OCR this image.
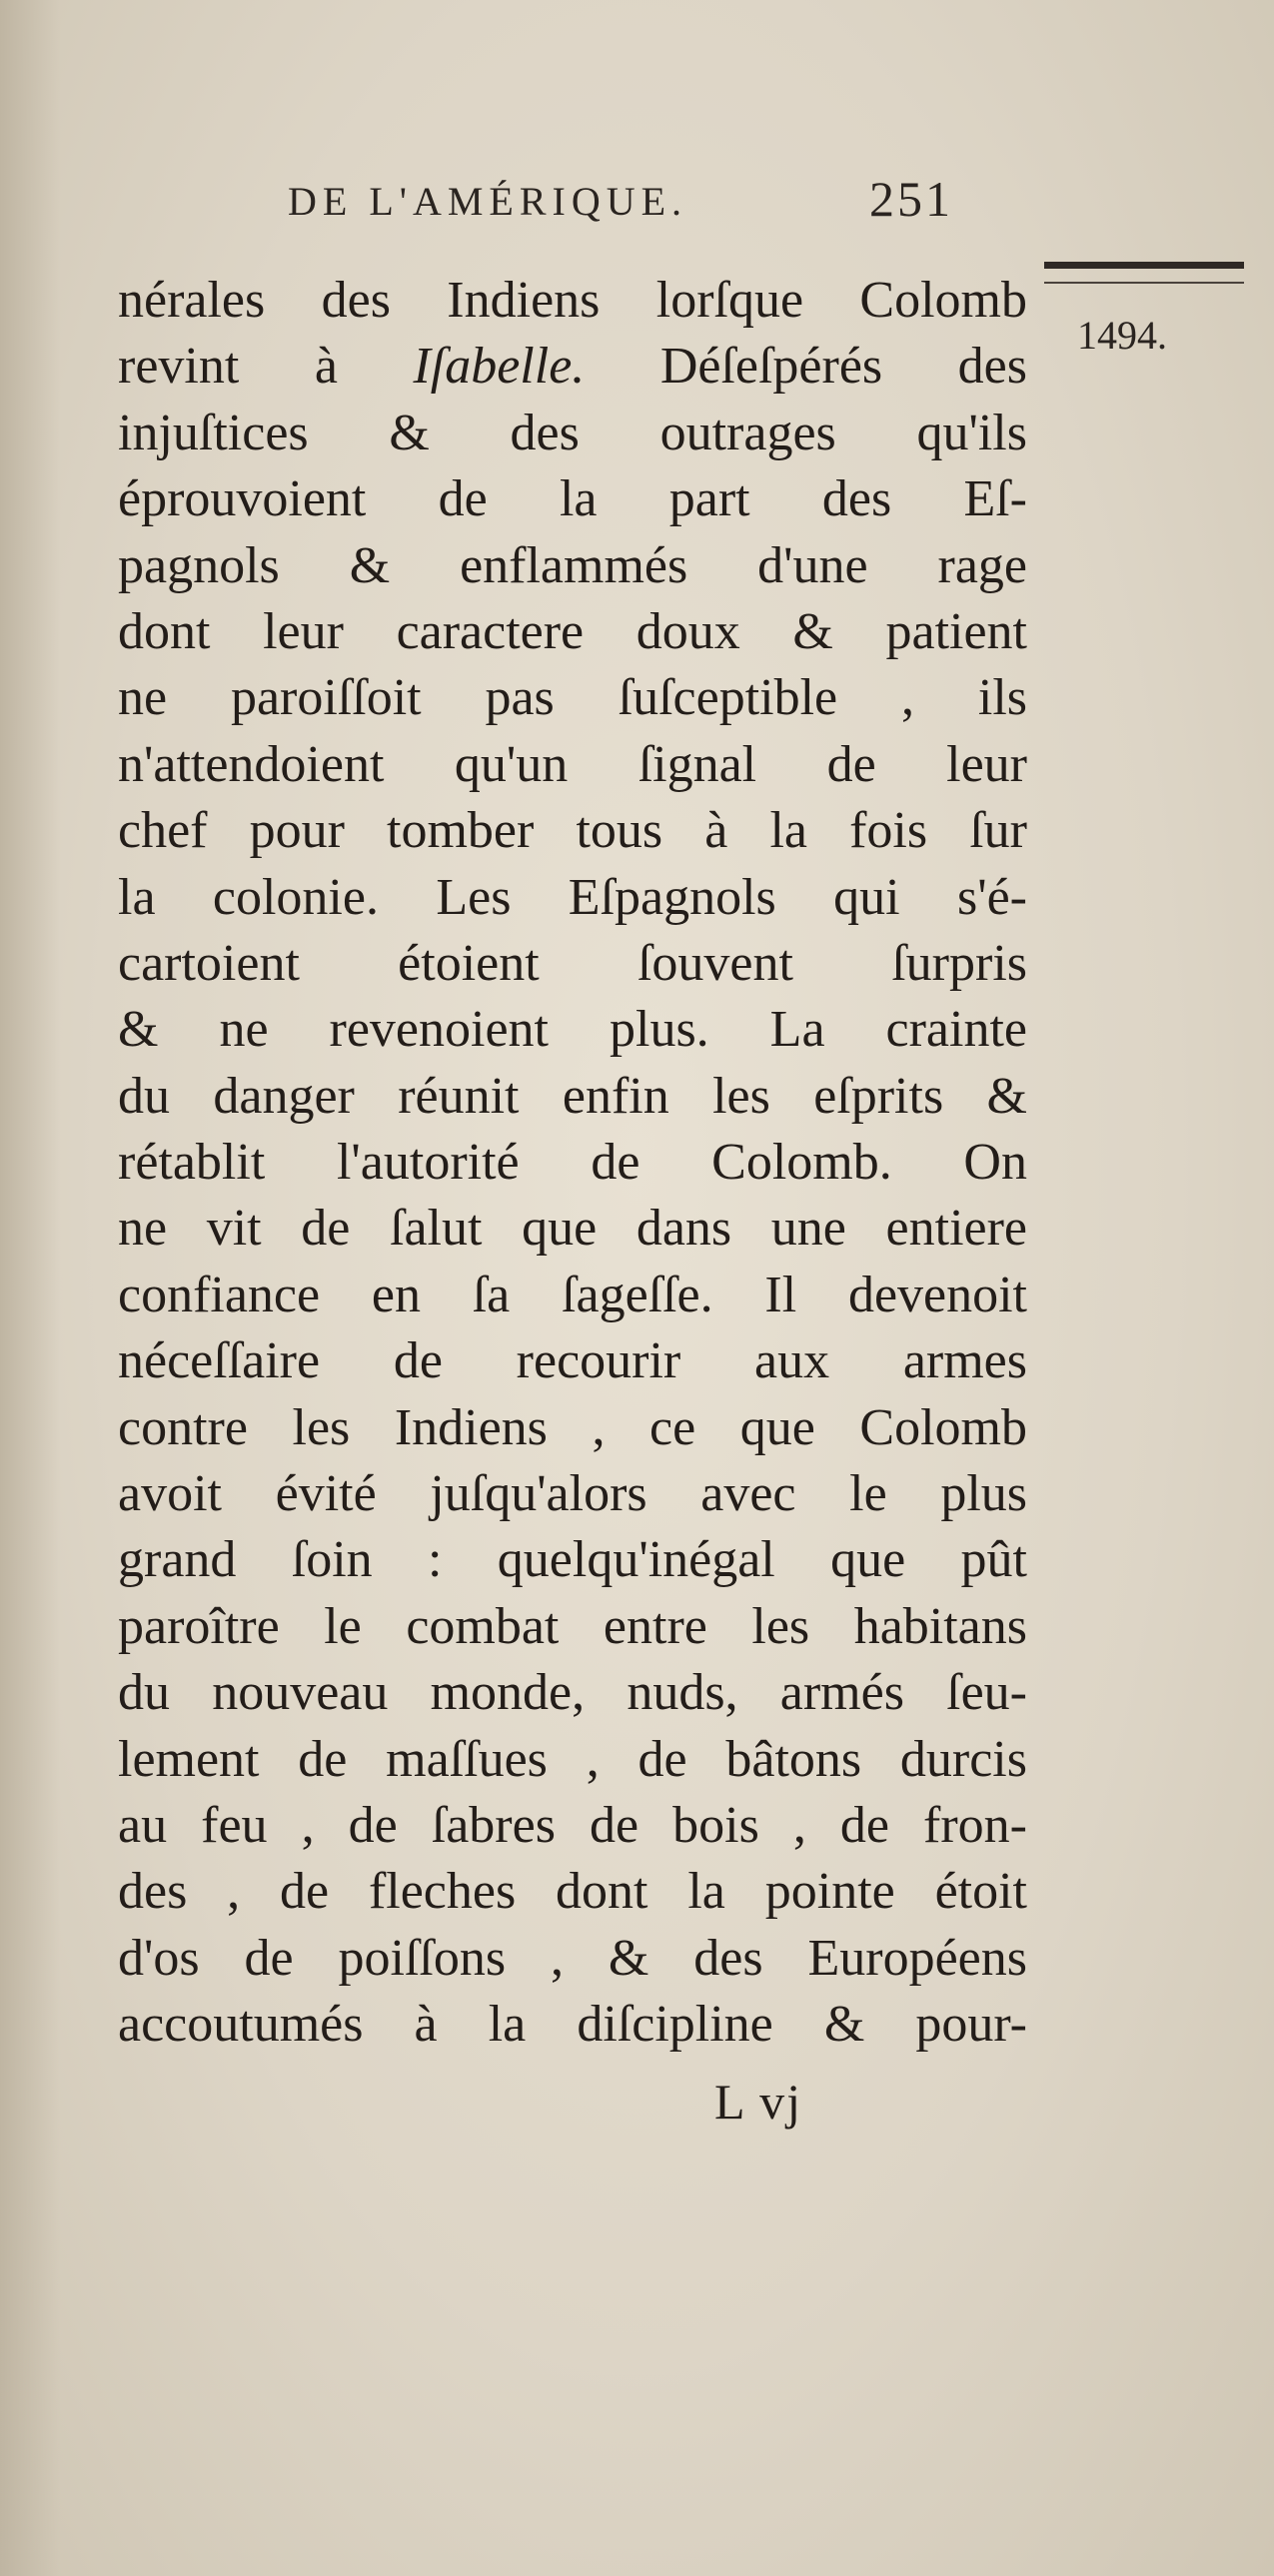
DE L'AMÉRIQUE.	251
1494.
nérales des Indiens lorſque Colomb
revint à Iſabelle. Déſeſpérés des
injuſtices & des outrages qu'ils
éprouvoient de la part des Eſ-
pagnols & enflammés d'une rage
dont leur caractere doux & patient
ne paroiſſoit pas ſuſceptible , ils
n'attendoient qu'un ſignal de leur
chef pour tomber tous à la fois ſur
la colonie. Les Eſpagnols qui s'é-
cartoient étoient ſouvent ſurpris
& ne revenoient plus. La crainte
du danger réunit enfin les eſprits &
rétablit l'autorité de Colomb. On
ne vit de ſalut que dans une entiere
confiance en ſa ſageſſe. Il devenoit
néceſſaire de recourir aux armes
contre les Indiens , ce que Colomb
avoit évité juſqu'alors avec le plus
grand ſoin : quelqu'inégal que pût
paroître le combat entre les habitans
du nouveau monde, nuds, armés ſeu-
lement de maſſues , de bâtons durcis
au feu , de ſabres de bois , de fron-
des , de fleches dont la pointe étoit
d'os de poiſſons , & des Européens
accoutumés à la diſcipline & pour-
L vj
